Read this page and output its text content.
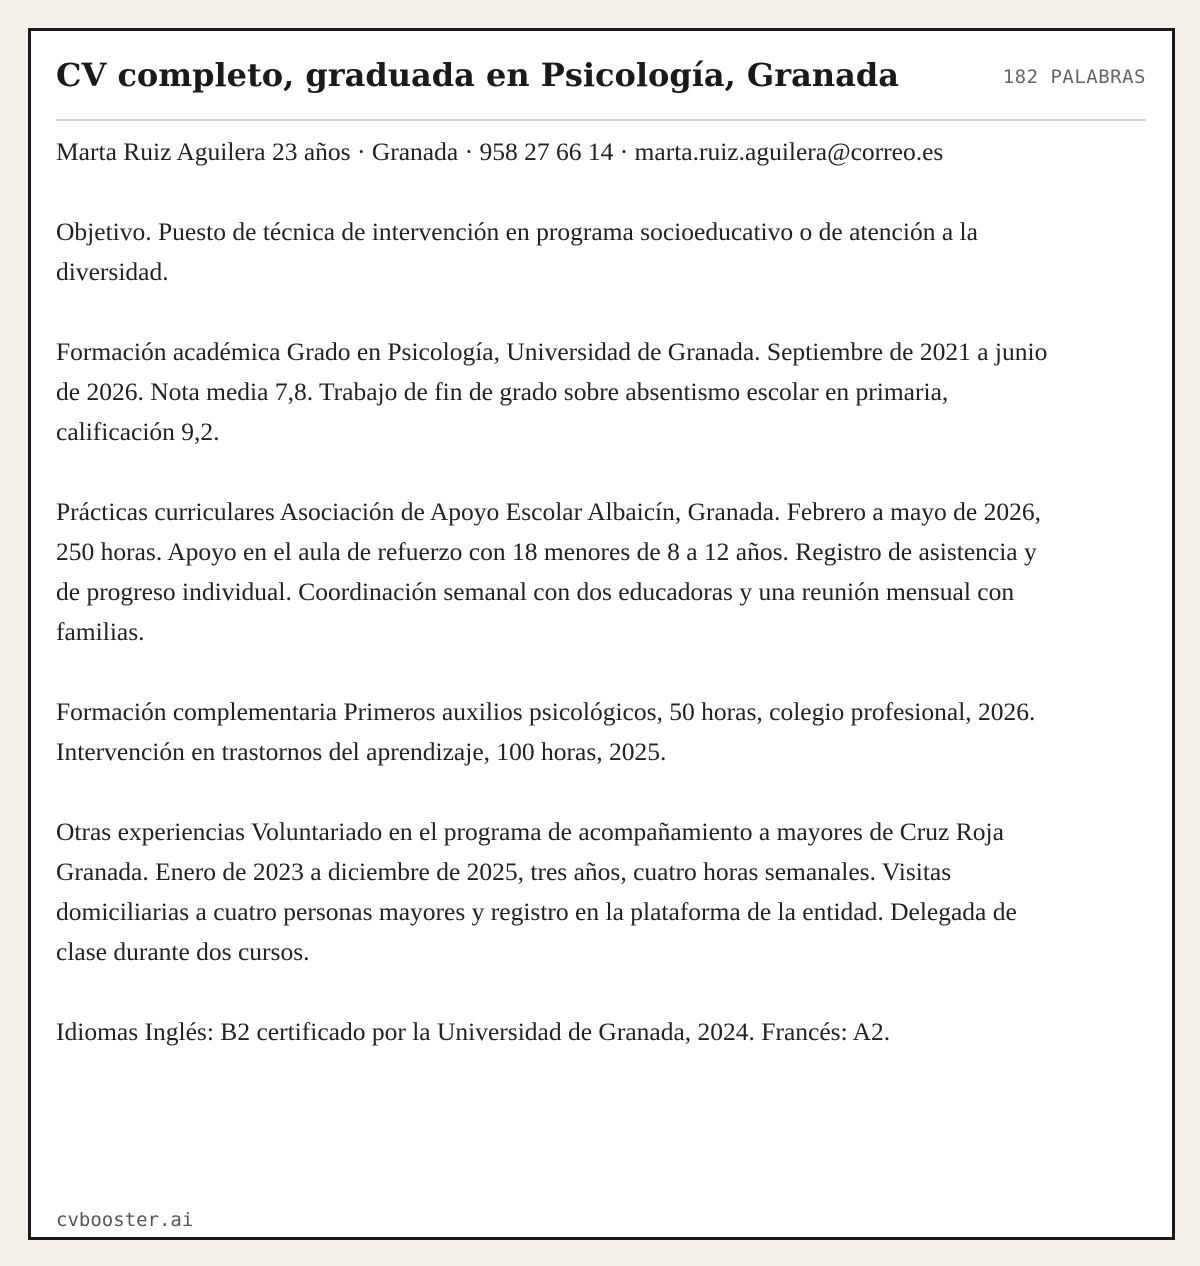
CV completo, graduada en Psicología, Granada	182 PALABRAS

Marta Ruiz Aguilera 23 años · Granada · 958 27 66 14 · marta.ruiz.aguilera@correo.es

Objetivo. Puesto de técnica de intervención en programa socioeducativo o de atención a la diversidad.

Formación académica Grado en Psicología, Universidad de Granada. Septiembre de 2021 a junio de 2026. Nota media 7,8. Trabajo de fin de grado sobre absentismo escolar en primaria, calificación 9,2.

Prácticas curriculares Asociación de Apoyo Escolar Albaicín, Granada. Febrero a mayo de 2026, 250 horas. Apoyo en el aula de refuerzo con 18 menores de 8 a 12 años. Registro de asistencia y de progreso individual. Coordinación semanal con dos educadoras y una reunión mensual con familias.

Formación complementaria Primeros auxilios psicológicos, 50 horas, colegio profesional, 2026. Intervención en trastornos del aprendizaje, 100 horas, 2025.

Otras experiencias Voluntariado en el programa de acompañamiento a mayores de Cruz Roja Granada. Enero de 2023 a diciembre de 2025, tres años, cuatro horas semanales. Visitas domiciliarias a cuatro personas mayores y registro en la plataforma de la entidad. Delegada de clase durante dos cursos.

Idiomas Inglés: B2 certificado por la Universidad de Granada, 2024. Francés: A2.

cvbooster.ai
